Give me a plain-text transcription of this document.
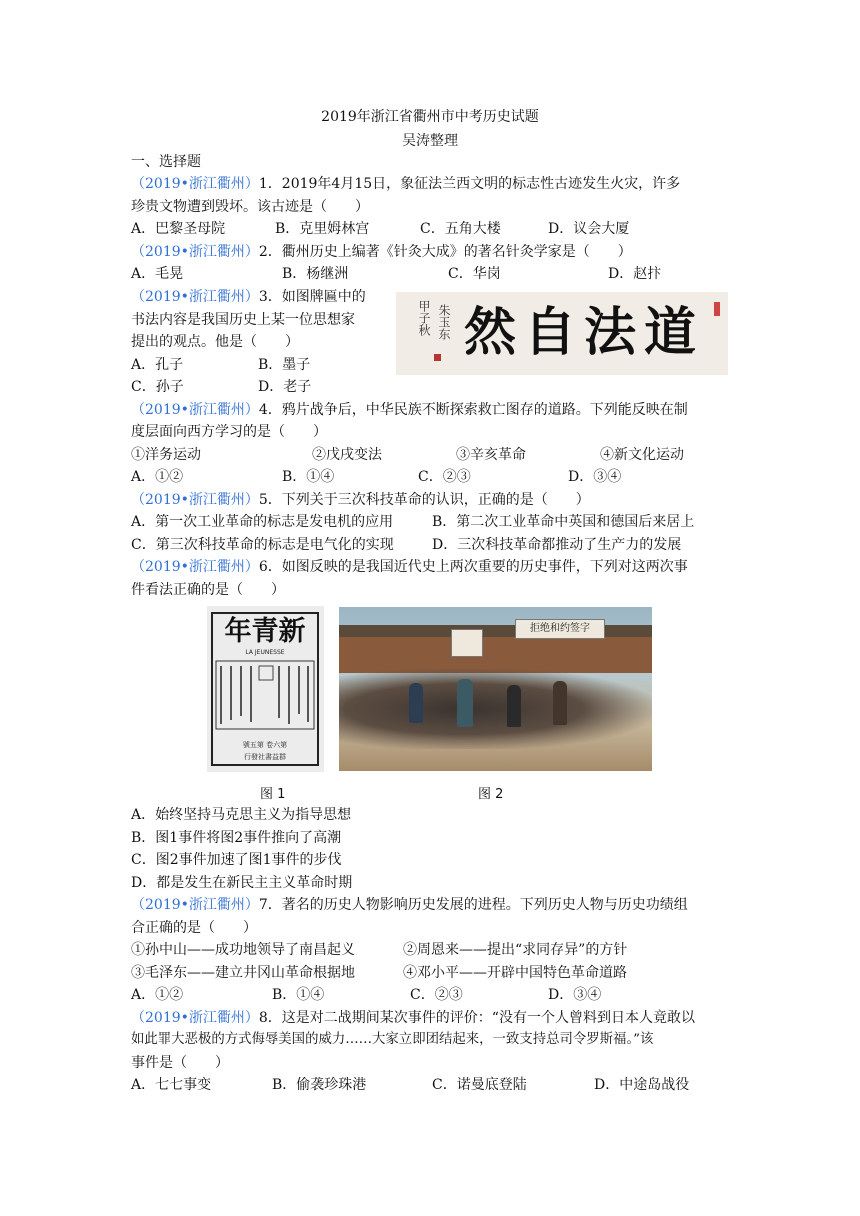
2019年浙江省衢州市中考历史试题
吴涛整理
一、选择题
（2019•浙江衢州）1．2019年4月15日，象征法兰西文明的标志性古迹发生火灾，许多
珍贵文物遭到毁坏。该古迹是（　　）
A．巴黎圣母院	B．克里姆林宫	C．五角大楼	D．议会大厦
（2019•浙江衢州）2．衢州历史上编著《针灸大成》的著名针灸学家是（　　）
A．毛晃	B．杨继洲	C．华岗	D．赵抃
（2019•浙江衢州）3．如图牌匾中的
书法内容是我国历史上某一位思想家
提出的观点。他是（　　）
A．孔子	B．墨子
C．孙子	D．老子
甲子秋 朱玉东 道法自然
（2019•浙江衢州）4．鸦片战争后，中华民族不断探索救亡图存的道路。下列能反映在制
度层面向西方学习的是（　　）
①洋务运动	②戊戌变法	③辛亥革命	④新文化运动
A．①②	B．①④	C．②③	D．③④
（2019•浙江衢州）5．下列关于三次科技革命的认识，正确的是（　　）
A．第一次工业革命的标志是发电机的应用	B．第二次工业革命中英国和德国后来居上
C．第三次科技革命的标志是电气化的实现	D．三次科技革命都推动了生产力的发展
（2019•浙江衢州）6．如图反映的是我国近代史上两次重要的历史事件，下列对这两次事
件看法正确的是（　　）
年青新
LA JEUNESSE
號五第 卷六第
行發社書益群
拒绝和约签字
图 1	图 2
A．始终坚持马克思主义为指导思想
B．图1事件将图2事件推向了高潮
C．图2事件加速了图1事件的步伐
D．都是发生在新民主主义革命时期
（2019•浙江衢州）7．著名的历史人物影响历史发展的进程。下列历史人物与历史功绩组
合正确的是（　　）
①孙中山——成功地领导了南昌起义	②周恩来——提出“求同存异”的方针
③毛泽东——建立井冈山革命根据地	④邓小平——开辟中国特色革命道路
A．①②	B．①④	C．②③	D．③④
（2019•浙江衢州）8．这是对二战期间某次事件的评价：“没有一个人曾料到日本人竟敢以
如此罪大恶极的方式侮辱美国的威力……大家立即团结起来，一致支持总司令罗斯福。”该
事件是（　　）
A．七七事变	B．偷袭珍珠港	C．诺曼底登陆	D．中途岛战役
